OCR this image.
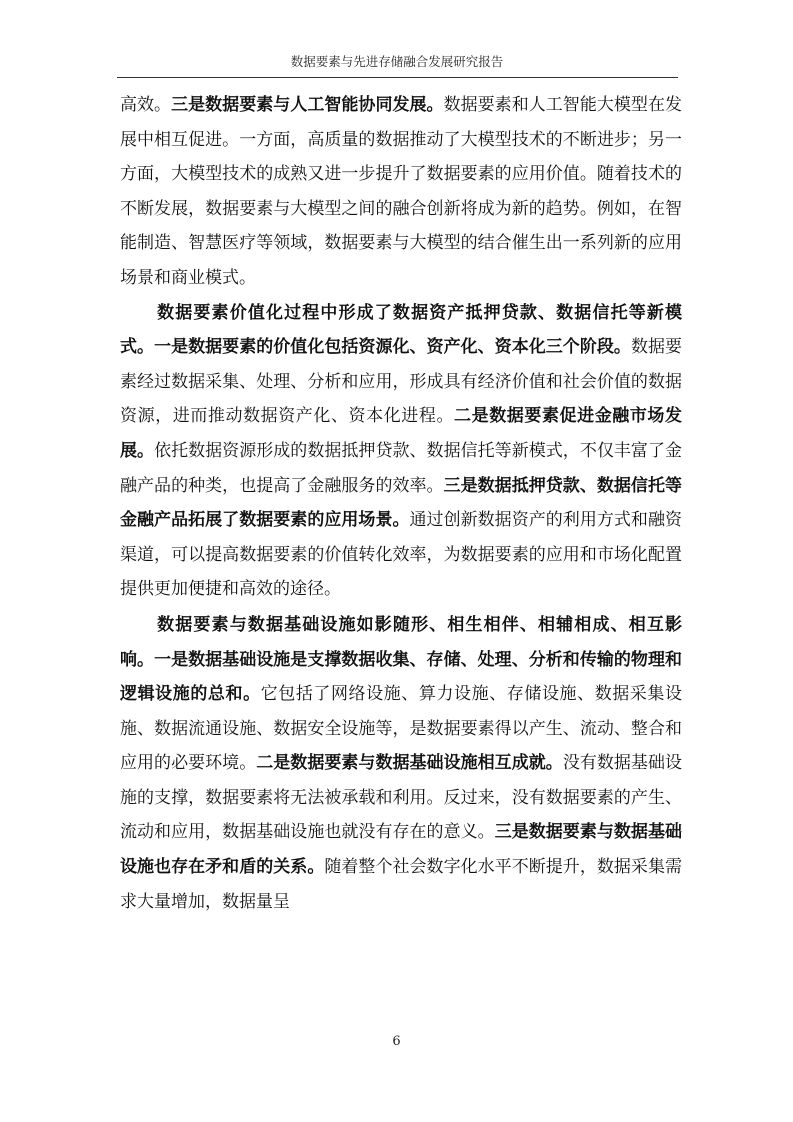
数据要素与先进存储融合发展研究报告

高效。三是数据要素与人工智能协同发展。数据要素和人工智能大模型在发展中相互促进。一方面，高质量的数据推动了大模型技术的不断进步；另一方面，大模型技术的成熟又进一步提升了数据要素的应用价值。随着技术的不断发展，数据要素与大模型之间的融合创新将成为新的趋势。例如，在智能制造、智慧医疗等领域，数据要素与大模型的结合催生出一系列新的应用场景和商业模式。

数据要素价值化过程中形成了数据资产抵押贷款、数据信托等新模式。一是数据要素的价值化包括资源化、资产化、资本化三个阶段。数据要素经过数据采集、处理、分析和应用，形成具有经济价值和社会价值的数据资源，进而推动数据资产化、资本化进程。二是数据要素促进金融市场发展。依托数据资源形成的数据抵押贷款、数据信托等新模式，不仅丰富了金融产品的种类，也提高了金融服务的效率。三是数据抵押贷款、数据信托等金融产品拓展了数据要素的应用场景。通过创新数据资产的利用方式和融资渠道，可以提高数据要素的价值转化效率，为数据要素的应用和市场化配置提供更加便捷和高效的途径。

数据要素与数据基础设施如影随形、相生相伴、相辅相成、相互影响。一是数据基础设施是支撑数据收集、存储、处理、分析和传输的物理和逻辑设施的总和。它包括了网络设施、算力设施、存储设施、数据采集设施、数据流通设施、数据安全设施等，是数据要素得以产生、流动、整合和应用的必要环境。二是数据要素与数据基础设施相互成就。没有数据基础设施的支撑，数据要素将无法被承载和利用。反过来，没有数据要素的产生、流动和应用，数据基础设施也就没有存在的意义。三是数据要素与数据基础设施也存在矛和盾的关系。随着整个社会数字化水平不断提升，数据采集需求大量增加，数据量呈

6
